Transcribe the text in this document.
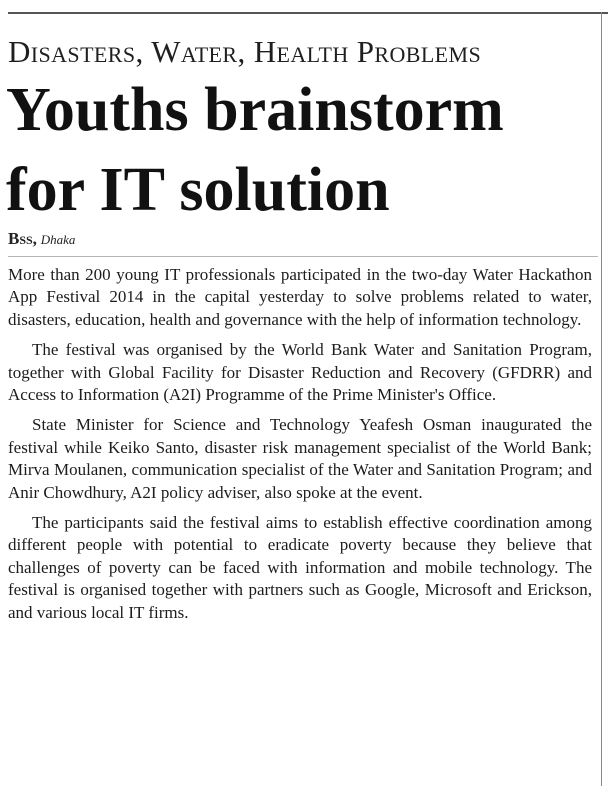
Disasters, Water, Health Problems
Youths brainstorm
for IT solution
Bss, Dhaka

More than 200 young IT professionals participated in the two-day Water Hackathon App Festival 2014 in the capital yesterday to solve problems related to water, disasters, education, health and governance with the help of information technology.

The festival was organised by the World Bank Water and Sanitation Program, together with Global Facility for Disaster Reduction and Recovery (GFDRR) and Access to Information (A2I) Programme of the Prime Minister's Office.

State Minister for Science and Technology Yeafesh Osman inaugurated the festival while Keiko Santo, disaster risk management specialist of the World Bank; Mirva Moulanen, communication specialist of the Water and Sanitation Program; and Anir Chowdhury, A2I policy adviser, also spoke at the event.

The participants said the festival aims to establish effective coordination among different people with potential to eradicate poverty because they believe that challenges of poverty can be faced with information and mobile technology. The festival is organised together with partners such as Google, Microsoft and Erickson, and various local IT firms.
